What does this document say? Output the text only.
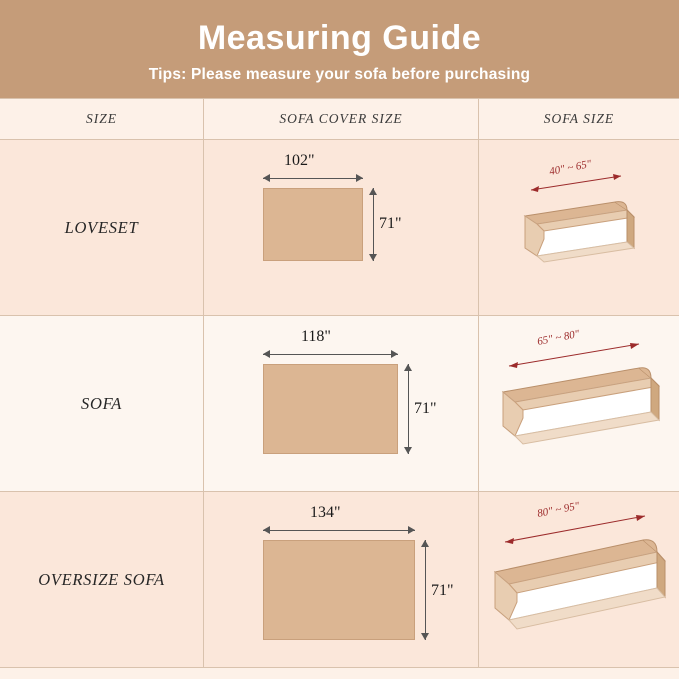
Measuring Guide
Tips: Please measure your sofa before purchasing
SIZE	SOFA COVER SIZE	SOFA SIZE
LOVESET
102"
71"
40" ~ 65"
SOFA
118"
71"
65" ~ 80"
OVERSIZE SOFA
134"
71"
80" ~ 95"
